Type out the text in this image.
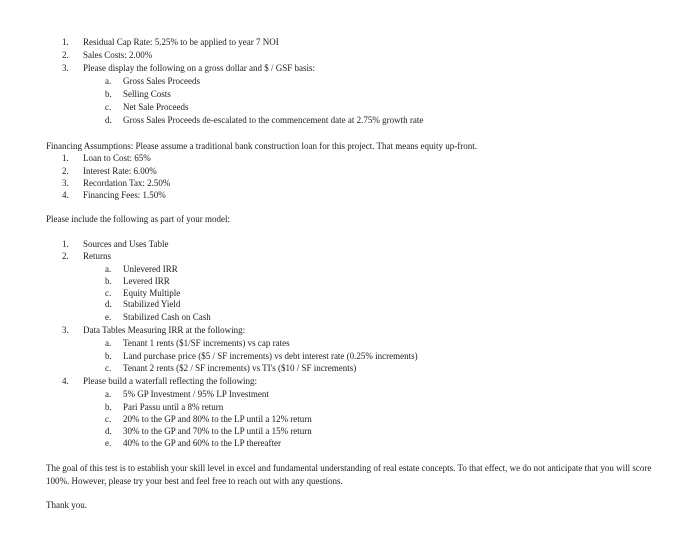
1. Residual Cap Rate: 5.25% to be applied to year 7 NOI
2. Sales Costs: 2.00%
3. Please display the following on a gross dollar and $ / GSF basis:
a. Gross Sales Proceeds
b. Selling Costs
c. Net Sale Proceeds
d. Gross Sales Proceeds de-escalated to the commencement date at 2.75% growth rate
Financing Assumptions: Please assume a traditional bank construction loan for this project. That means equity up-front.
1. Loan to Cost: 65%
2. Interest Rate: 6.00%
3. Recordation Tax: 2.50%
4. Financing Fees: 1.50%
Please include the following as part of your model:
1. Sources and Uses Table
2. Returns
a. Unlevered IRR
b. Levered IRR
c. Equity Multiple
d. Stabilized Yield
e. Stabilized Cash on Cash
3. Data Tables Measuring IRR at the following:
a. Tenant 1 rents ($1/SF increments) vs cap rates
b. Land purchase price ($5 / SF increments) vs debt interest rate (0.25% increments)
c. Tenant 2 rents ($2 / SF increments) vs TI's ($10 / SF increments)
4. Please build a waterfall reflecting the following:
a. 5% GP Investment / 95% LP Investment
b. Pari Passu until a 8% return
c. 20% to the GP and 80% to the LP until a 12% return
d. 30% to the GP and 70% to the LP until a 15% return
e. 40% to the GP and 60% to the LP thereafter
The goal of this test is to establish your skill level in excel and fundamental understanding of real estate concepts. To that effect, we do not anticipate that you will score 100%. However, please try your best and feel free to reach out with any questions.
Thank you.
